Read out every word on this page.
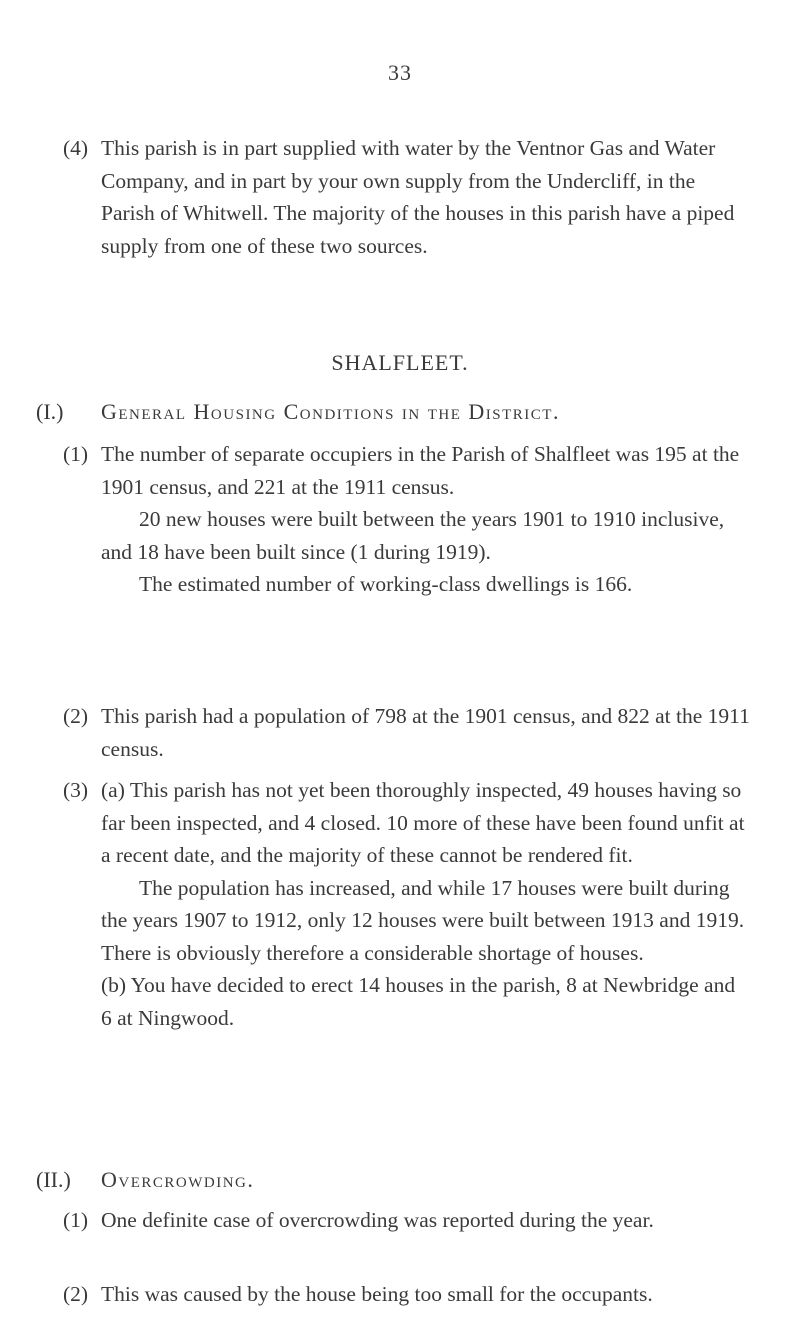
33
(4) This parish is in part supplied with water by the Ventnor Gas and Water Company, and in part by your own supply from the Undercliff, in the Parish of Whitwell. The majority of the houses in this parish have a piped supply from one of these two sources.

SHALFLEET.
(I.) General Housing Conditions in the District.
(1) The number of separate occupiers in the Parish of Shalfleet was 195 at the 1901 census, and 221 at the 1911 census.

20 new houses were built between the years 1901 to 1910 inclusive, and 18 have been built since (1 during 1919).

The estimated number of working-class dwellings is 166.

(2) This parish had a population of 798 at the 1901 census, and 822 at the 1911 census.

(3) (a) This parish has not yet been thoroughly inspected, 49 houses having so far been inspected, and 4 closed. 10 more of these have been found unfit at a recent date, and the majority of these cannot be rendered fit.

The population has increased, and while 17 houses were built during the years 1907 to 1912, only 12 houses were built between 1913 and 1919. There is obviously therefore a considerable shortage of houses.

(b) You have decided to erect 14 houses in the parish, 8 at Newbridge and 6 at Ningwood.

(II.) Overcrowding.
(1) One definite case of overcrowding was reported during the year.

(2) This was caused by the house being too small for the occupants.
